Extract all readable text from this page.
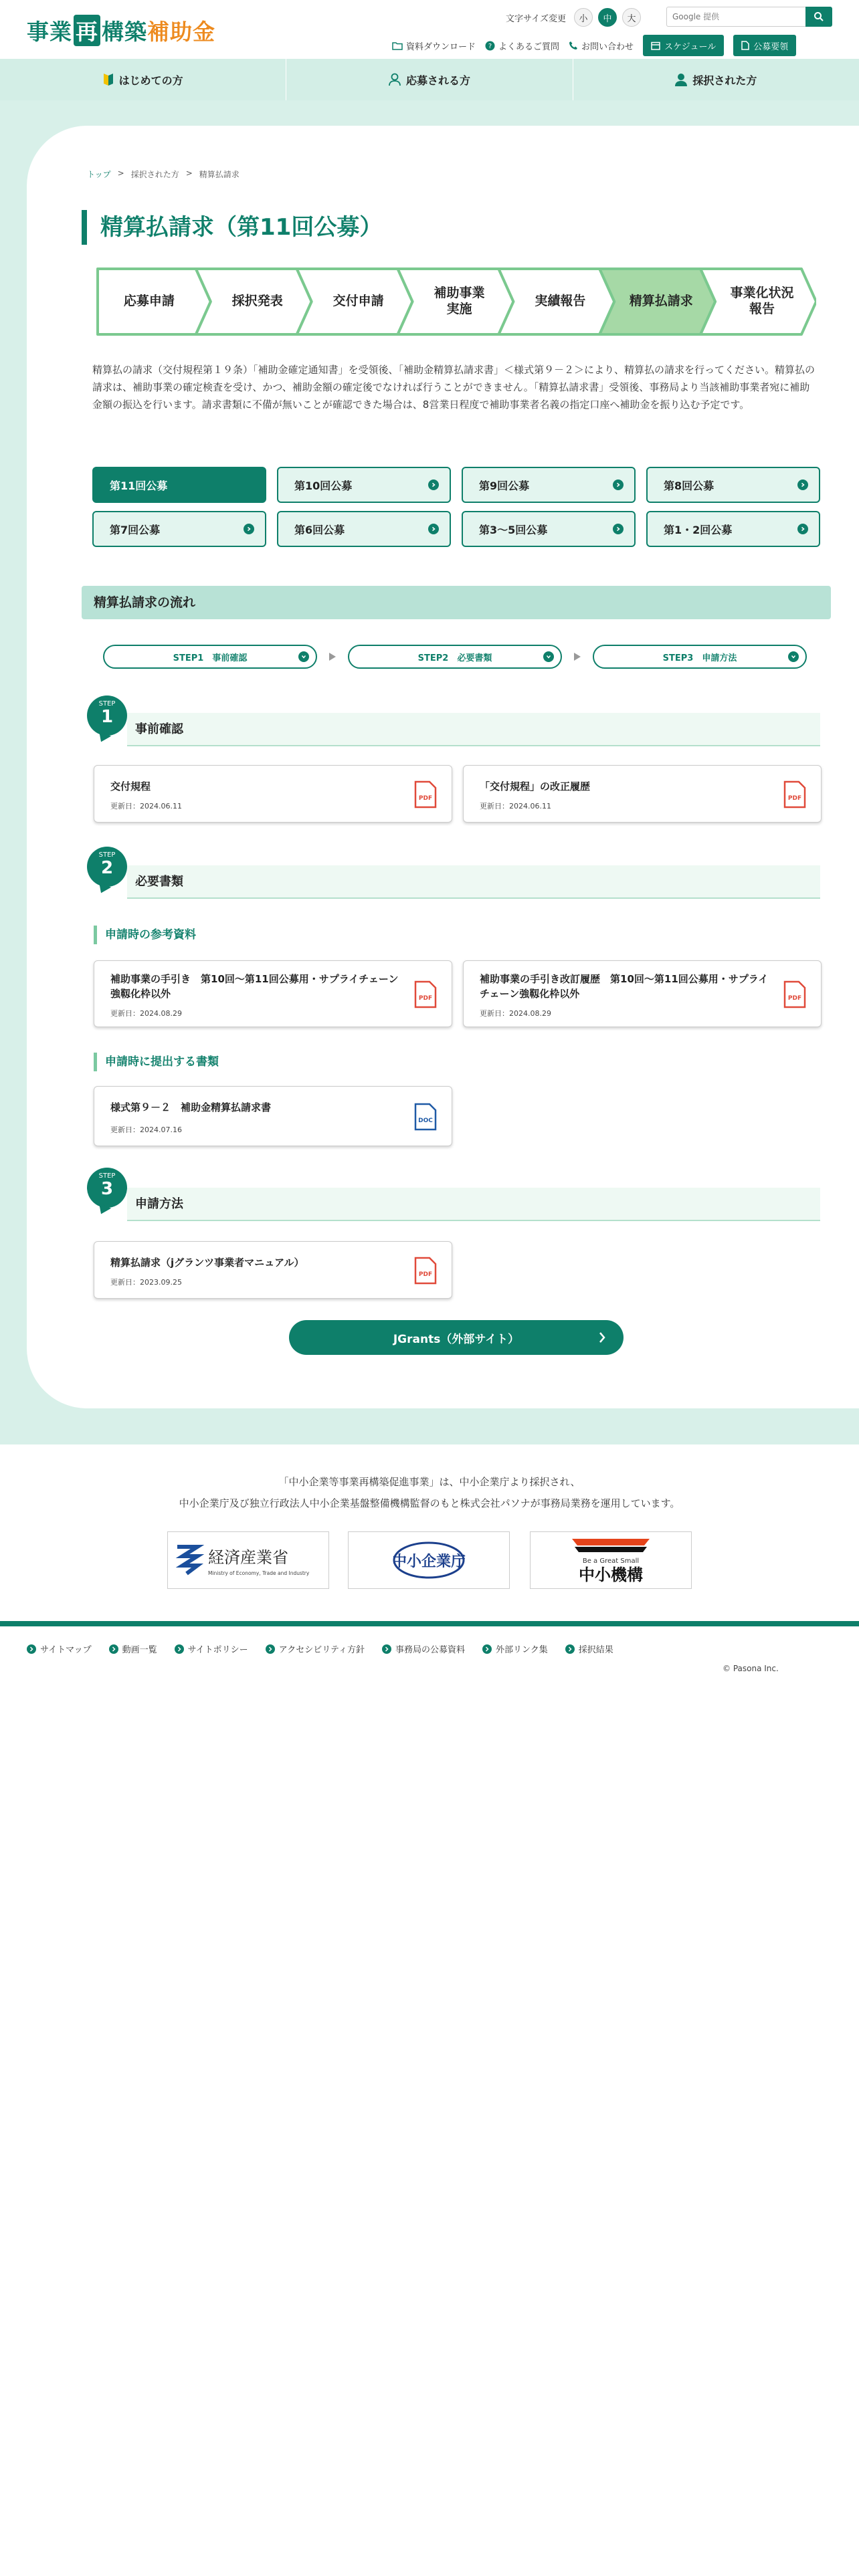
事業 再 構築補助金	文字サイズ変更	小	中	大
Google 提供
資料ダウンロード ? よくあるご質問	お問い合わせ	スケジュール	公募要領
はじめての方	応募される方	採択された方
トップ > 採択された方 > 精算払請求
精算払請求（第11回公募）
応募申請	採択発表	交付申請
補助事業
実施
実績報告	精算払請求
事業化状況
報告

精算払の請求（交付規程第１９条）「補助金確定通知書」を受領後、「補助金精算払請求書」＜様式第９－２＞により、精算払の請求を行ってください。精算払の請求は、補助事業の確定検査を受け、かつ、補助金額の確定後でなければ行うことができません。「精算払請求書」受領後、事務局より当該補助事業者宛に補助金額の振込を行います。請求書類に不備が無いことが確認できた場合は、8営業日程度で補助事業者名義の指定口座へ補助金を振り込む予定です。

第11回公募	第10回公募	第9回公募	第8回公募
第7回公募	第6回公募	第3〜5回公募	第1・2回公募
精算払請求の流れ
STEP1　事前確認	STEP2　必要書類	STEP3　申請方法
STEP
1
事前確認
交付規程
更新日：2024.06.11
PDF
「交付規程」の改正履歴
更新日：2024.06.11
PDF
STEP
2
必要書類
申請時の参考資料
補助事業の手引き　第10回〜第11回公募用・サプライチェーン強靱化枠以外
更新日：2024.08.29
PDF
補助事業の手引き改訂履歴　第10回〜第11回公募用・サプライチェーン強靱化枠以外
更新日：2024.08.29
PDF
申請時に提出する書類
様式第９－２　補助金精算払請求書
更新日：2024.07.16
DOC
STEP
3
申請方法
精算払請求（jグランツ事業者マニュアル）
更新日：2023.09.25
PDF
JGrants（外部サイト）
「中小企業等事業再構築促進事業」は、中小企業庁より採択され、
中小企業庁及び独立行政法人中小企業基盤整備機構監督のもと株式会社パソナが事務局業務を運用しています。
経済産業省
Ministry of Economy, Trade and Industry
中小企業庁	Be a Great Small
中小機構
サイトマップ	動画一覧	サイトポリシー	アクセシビリティ方針	事務局の公募資料	外部リンク集	採択結果
© Pasona Inc.
